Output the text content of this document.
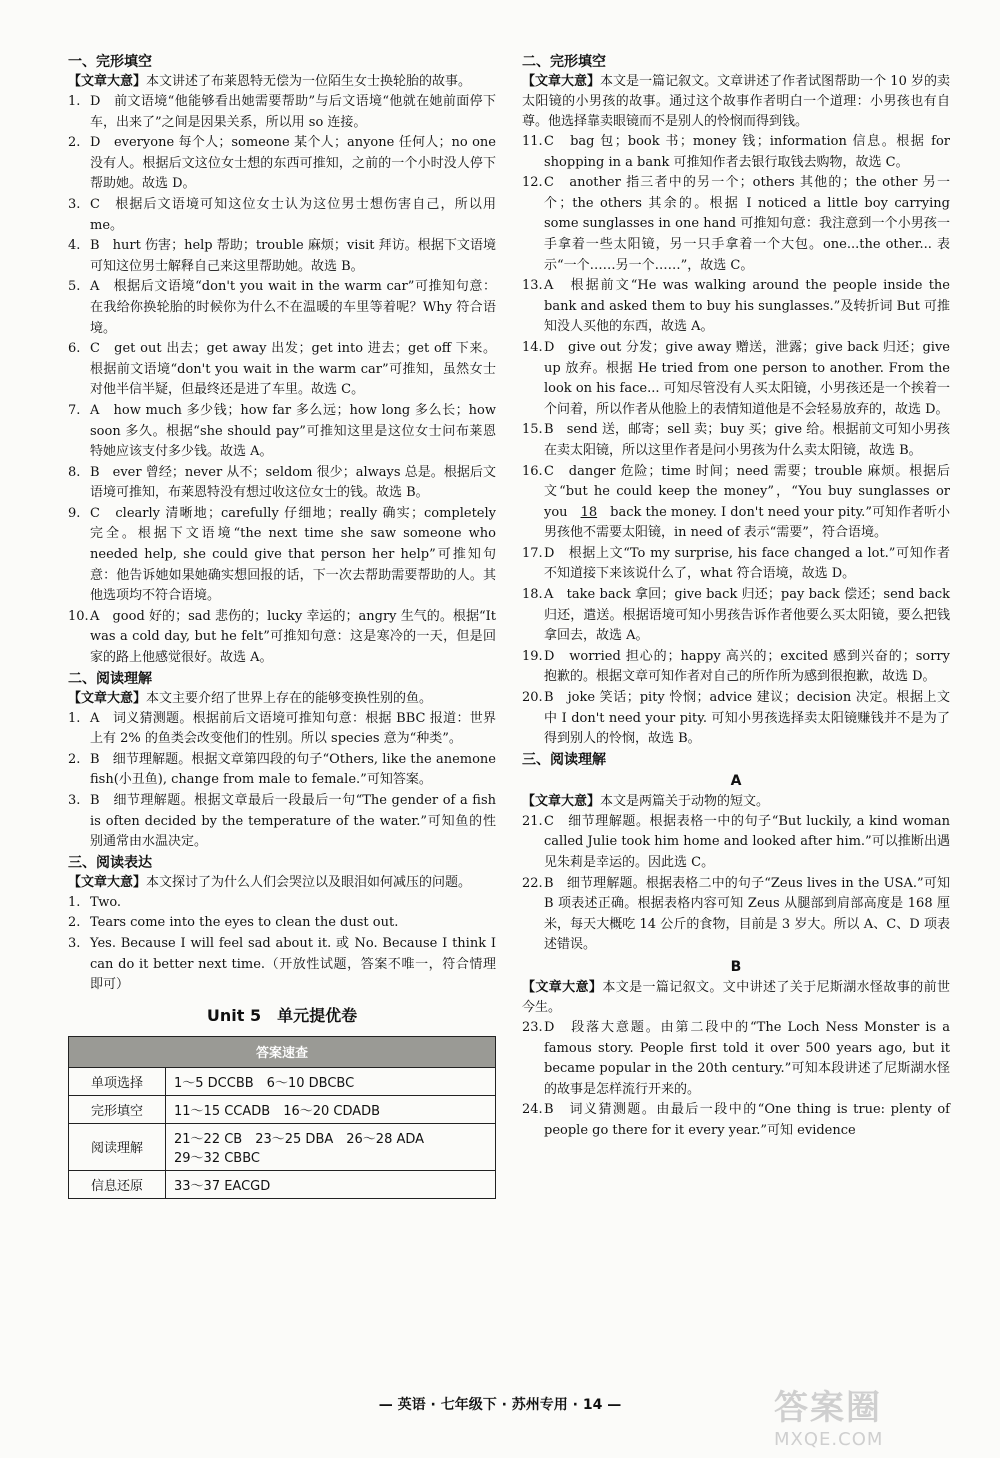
一、完形填空

【文章大意】本文讲述了布莱恩特无偿为一位陌生女士换轮胎的故事。

1. D　前文语境“他能够看出她需要帮助”与后文语境“他就在她前面停下车，出来了”之间是因果关系，所以用 so 连接。
2. D　everyone 每个人；someone 某个人；anyone 任何人；no one 没有人。根据后文这位女士想的东西可推知，之前的一个小时没人停下帮助她。故选 D。
3. C　根据后文语境可知这位女士认为这位男士想伤害自己，所以用 me。
4. B　hurt 伤害；help 帮助；trouble 麻烦；visit 拜访。根据下文语境可知这位男士解释自己来这里帮助她。故选 B。
5. A　根据后文语境“don't you wait in the warm car”可推知句意：在我给你换轮胎的时候你为什么不在温暖的车里等着呢？Why 符合语境。
6. C　get out 出去；get away 出发；get into 进去；get off 下来。根据前文语境“don't you wait in the warm car”可推知，虽然女士对他半信半疑，但最终还是进了车里。故选 C。
7. A　how much 多少钱；how far 多么远；how long 多么长；how soon 多久。根据“she should pay”可推知这里是这位女士问布莱恩特她应该支付多少钱。故选 A。
8. B　ever 曾经；never 从不；seldom 很少；always 总是。根据后文语境可推知，布莱恩特没有想过收这位女士的钱。故选 B。
9. C　clearly 清晰地；carefully 仔细地；really 确实；completely 完全。根据下文语境“the next time she saw someone who needed help, she could give that person her help”可推知句意：他告诉她如果她确实想回报的话，下一次去帮助需要帮助的人。其他选项均不符合语境。
10. A　good 好的；sad 悲伤的；lucky 幸运的；angry 生气的。根据“It was a cold day, but he felt”可推知句意：这是寒冷的一天，但是回家的路上他感觉很好。故选 A。

二、阅读理解

【文章大意】本文主要介绍了世界上存在的能够变换性别的鱼。

1. A　词义猜测题。根据前后文语境可推知句意：根据 BBC 报道：世界上有 2% 的鱼类会改变他们的性别。所以 species 意为“种类”。
2. B　细节理解题。根据文章第四段的句子“Others, like the anemone fish(小丑鱼), change from male to female.”可知答案。
3. B　细节理解题。根据文章最后一段最后一句“The gender of a fish is often decided by the temperature of the water.”可知鱼的性别通常由水温决定。

三、阅读表达

【文章大意】本文探讨了为什么人们会哭泣以及眼泪如何减压的问题。

1. Two.
2. Tears come into the eyes to clean the dust out.
3. Yes. Because I will feel sad about it. 或 No. Because I think I can do it better next time.（开放性试题，答案不唯一，符合情理即可）

Unit 5　单元提优卷

答案速查	
单项选择	1～5 DCCBB　6～10 DBCBC
完形填空	11～15 CCADB　16～20 CDADB
阅读理解	21～22 CB　23～25 DBA　26～28 ADA
29～32 CBBC
信息还原	33～37 EACGD

二、完形填空

【文章大意】本文是一篇记叙文。文章讲述了作者试图帮助一个 10 岁的卖太阳镜的小男孩的故事。通过这个故事作者明白一个道理：小男孩也有自尊。他选择靠卖眼镜而不是别人的怜悯而得到钱。

11. C　bag 包；book 书；money 钱；information 信息。根据 for shopping in a bank 可推知作者去银行取钱去购物，故选 C。
12. C　another 指三者中的另一个；others 其他的；the other 另一个；the others 其余的。根据 I noticed a little boy carrying some sunglasses in one hand 可推知句意：我注意到一个小男孩一手拿着一些太阳镜，另一只手拿着一个大包。one...the other... 表示“一个……另一个……”，故选 C。
13. A　根据前文“He was walking around the people inside the bank and asked them to buy his sunglasses.”及转折词 But 可推知没人买他的东西，故选 A。
14. D　give out 分发；give away 赠送，泄露；give back 归还；give up 放弃。根据 He tried from one person to another. From the look on his face... 可知尽管没有人买太阳镜，小男孩还是一个挨着一个问着，所以作者从他脸上的表情知道他是不会轻易放弃的，故选 D。
15. B　send 送，邮寄；sell 卖；buy 买；give 给。根据前文可知小男孩在卖太阳镜，所以这里作者是问小男孩为什么卖太阳镜，故选 B。
16. C　danger 危险；time 时间；need 需要；trouble 麻烦。根据后文“but he could keep the money”，“You buy sunglasses or you　 18　 back the money. I don't need your pity.”可知作者听小男孩他不需要太阳镜，in need of 表示“需要”，符合语境。
17. D　根据上文“To my surprise, his face changed a lot.”可知作者不知道接下来该说什么了，what 符合语境，故选 D。
18. A　take back 拿回；give back 归还；pay back 偿还；send back 归还，遣送。根据语境可知小男孩告诉作者他要么买太阳镜，要么把钱拿回去，故选 A。
19. D　worried 担心的；happy 高兴的；excited 感到兴奋的；sorry 抱歉的。根据文章可知作者对自己的所作所为感到很抱歉，故选 D。
20. B　joke 笑话；pity 怜悯；advice 建议；decision 决定。根据上文中 I don't need your pity. 可知小男孩选择卖太阳镜赚钱并不是为了得到别人的怜悯，故选 B。

三、阅读理解

A

【文章大意】本文是两篇关于动物的短文。

21. C　细节理解题。根据表格一中的句子“But luckily, a kind woman called Julie took him home and looked after him.”可以推断出遇见朱莉是幸运的。因此选 C。
22. B　细节理解题。根据表格二中的句子“Zeus lives in the USA.”可知 B 项表述正确。根据表格内容可知 Zeus 从腿部到肩部高度是 168 厘米，每天大概吃 14 公斤的食物，目前是 3 岁大。所以 A、C、D 项表述错误。

B

【文章大意】本文是一篇记叙文。文中讲述了关于尼斯湖水怪故事的前世今生。

23. D　段落大意题。由第二段中的“The Loch Ness Monster is a famous story. People first told it over 500 years ago, but it became popular in the 20th century.”可知本段讲述了尼斯湖水怪的故事是怎样流行开来的。
24. B　词义猜测题。由最后一段中的“One thing is true: plenty of people go there for it every year.”可知 evidence
— 英语 · 七年级下 · 苏州专用 · 14 —	答案圈
MXQE.COM
